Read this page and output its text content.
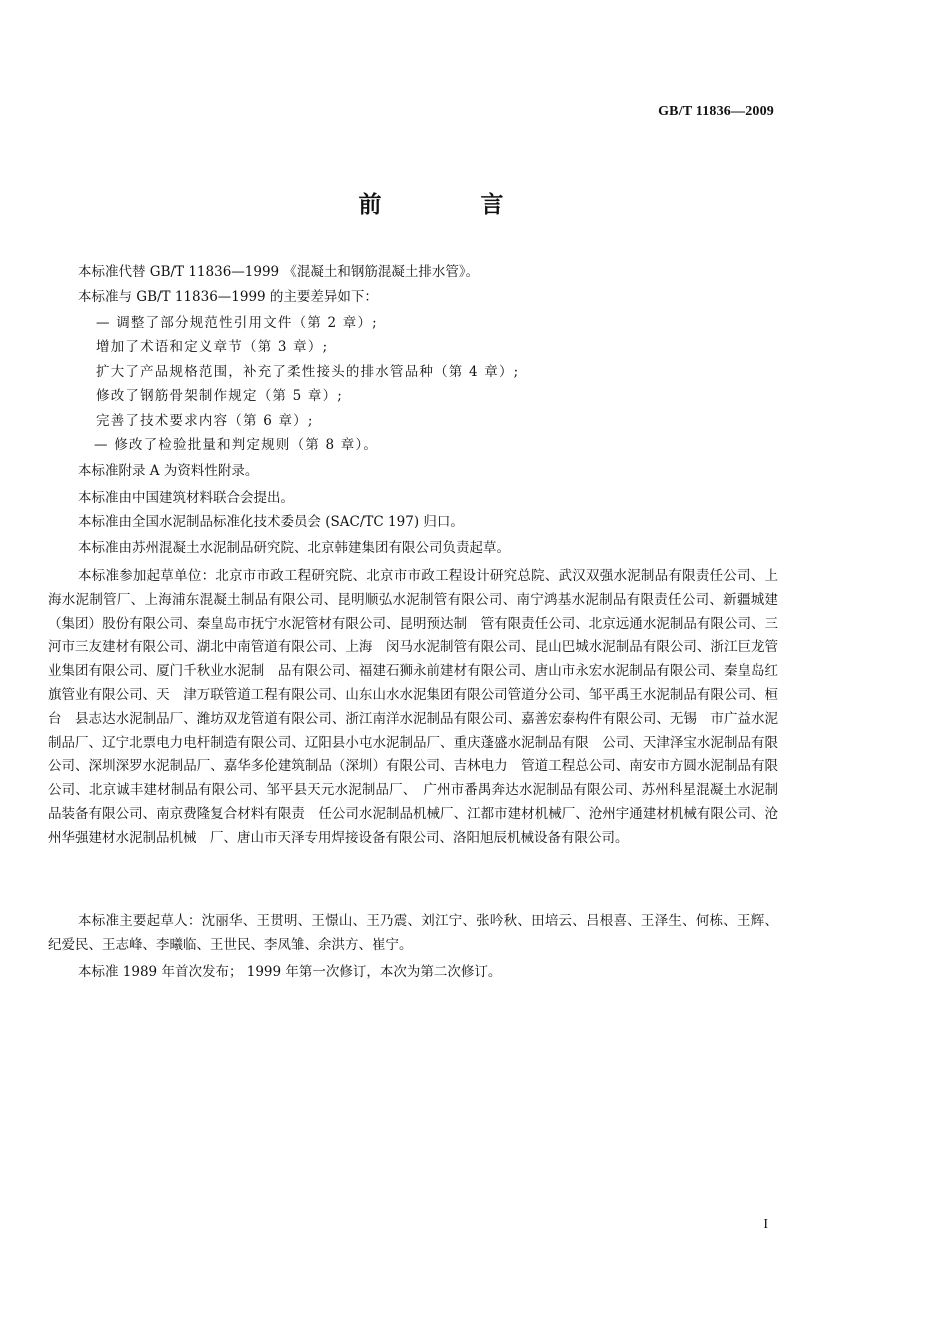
GB/T 11836—2009
前　言
本标准代替 GB/T 11836—1999 《混凝土和钢筋混凝土排水管》。
本标准与 GB/T 11836—1999 的主要差异如下：
— 调整了部分规范性引用文件（第 2 章）;
增加了术语和定义章节（第 3 章）;
扩大了产品规格范围，补充了柔性接头的排水管品种（第 4 章）;
修改了钢筋骨架制作规定（第 5 章）;
完善了技术要求内容（第 6 章）;
— 修改了检验批量和判定规则（第 8 章）。
本标准附录 A 为资料性附录。
本标准由中国建筑材料联合会提出。
本标准由全国水泥制品标准化技术委员会 (SAC/TC 197) 归口。
本标准由苏州混凝土水泥制品研究院、北京韩建集团有限公司负责起草。

本标准参加起草单位：北京市市政工程研究院、北京市市政工程设计研究总院、武汉双强水泥制品有限责任公司、上海水泥制管厂、上海浦东混凝土制品有限公司、昆明顺弘水泥制管有限公司、南宁鸿基水泥制品有限责任公司、新疆城建（集团）股份有限公司、秦皇岛市抚宁水泥管材有限公司、昆明预达制　管有限责任公司、北京远通水泥制品有限公司、三河市三友建材有限公司、湖北中南管道有限公司、上海　闵马水泥制管有限公司、昆山巴城水泥制品有限公司、浙江巨龙管业集团有限公司、厦门千秋业水泥制　品有限公司、福建石狮永前建材有限公司、唐山市永宏水泥制品有限公司、秦皇岛红旗管业有限公司、天　津万联管道工程有限公司、山东山水水泥集团有限公司管道分公司、邹平禹王水泥制品有限公司、桓台　县志达水泥制品厂、潍坊双龙管道有限公司、浙江南洋水泥制品有限公司、嘉善宏泰构件有限公司、无锡　市广益水泥制品厂、辽宁北票电力电杆制造有限公司、辽阳县小屯水泥制品厂、重庆蓬盛水泥制品有限　公司、天津泽宝水泥制品有限公司、深圳深罗水泥制品厂、嘉华多伦建筑制品（深圳）有限公司、吉林电力　管道工程总公司、南安市方圆水泥制品有限公司、北京诚丰建材制品有限公司、邹平县天元水泥制品厂、　广州市番禺奔达水泥制品有限公司、苏州科星混凝土水泥制品装备有限公司、南京费隆复合材料有限责　任公司水泥制品机械厂、江都市建材机械厂、沧州宇通建材机械有限公司、沧州华强建材水泥制品机械　厂、唐山市天泽专用焊接设备有限公司、洛阳旭辰机械设备有限公司。

本标准主要起草人：沈丽华、王贯明、王憬山、王乃震、刘江宁、张吟秋、田培云、吕根喜、王泽生、何栋、王辉、纪爱民、王志峰、李曦临、王世民、李凤雏、余洪方、崔宁。

本标准 1989 年首次发布； 1999 年第一次修订，本次为第二次修订。
I
